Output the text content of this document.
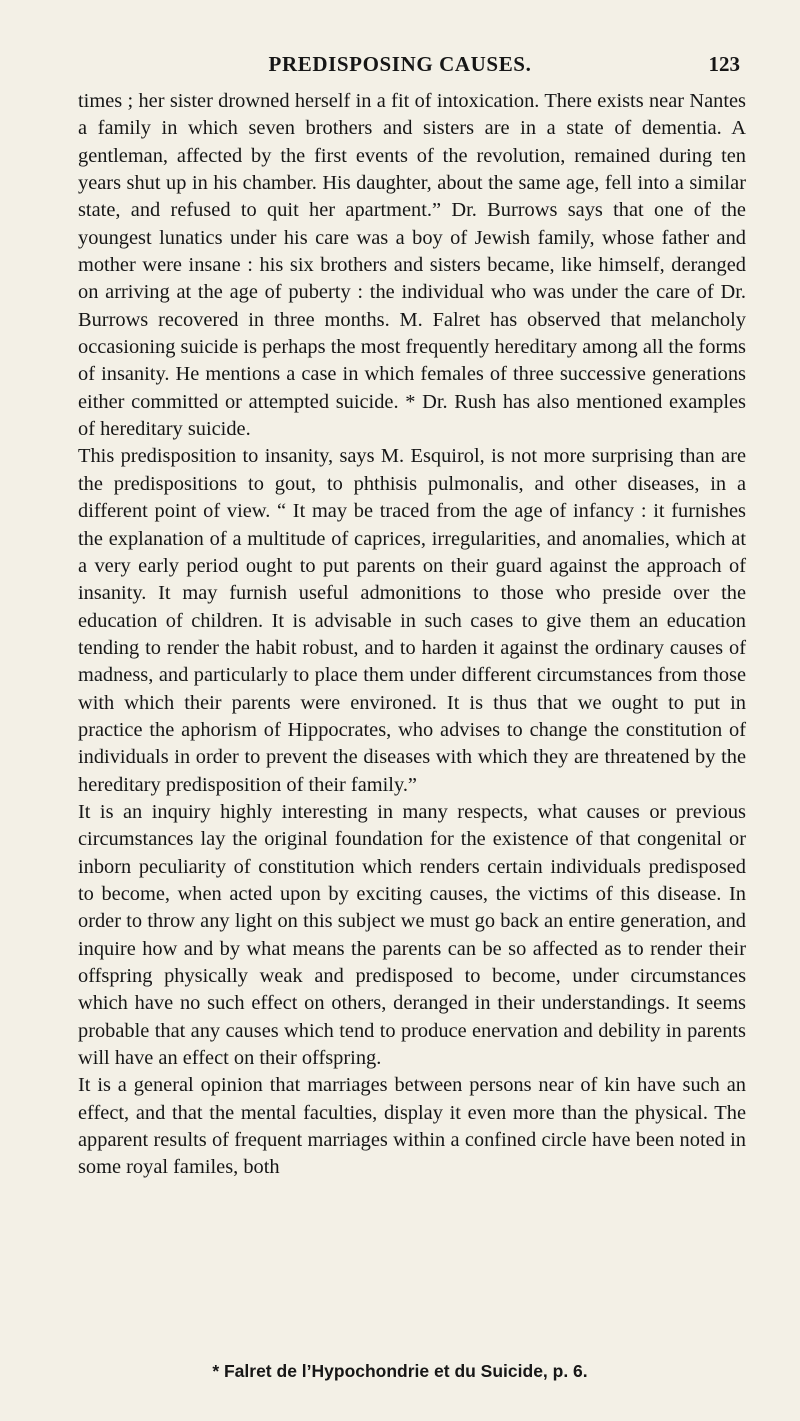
PREDISPOSING CAUSES.	123

times ; her sister drowned herself in a fit of intoxication. There exists near Nantes a family in which seven brothers and sisters are in a state of dementia. A gentleman, affected by the first events of the revolution, remained during ten years shut up in his chamber. His daughter, about the same age, fell into a similar state, and refused to quit her apartment.” Dr. Burrows says that one of the youngest lunatics under his care was a boy of Jewish family, whose father and mother were insane : his six brothers and sisters became, like himself, deranged on arriving at the age of puberty : the individual who was under the care of Dr. Burrows recovered in three months. M. Falret has observed that melancholy occasioning suicide is perhaps the most frequently hereditary among all the forms of insanity. He mentions a case in which females of three successive generations either committed or attempted suicide. * Dr. Rush has also mentioned examples of hereditary suicide.

This predisposition to insanity, says M. Esquirol, is not more surprising than are the predispositions to gout, to phthisis pulmonalis, and other diseases, in a different point of view. “ It may be traced from the age of infancy : it furnishes the explanation of a multitude of caprices, irregularities, and anomalies, which at a very early period ought to put parents on their guard against the approach of insanity. It may furnish useful admonitions to those who preside over the education of children. It is advisable in such cases to give them an education tending to render the habit robust, and to harden it against the ordinary causes of madness, and particularly to place them under different circumstances from those with which their parents were environed. It is thus that we ought to put in practice the aphorism of Hippocrates, who advises to change the constitution of individuals in order to prevent the diseases with which they are threatened by the hereditary predisposition of their family.”

It is an inquiry highly interesting in many respects, what causes or previous circumstances lay the original foundation for the existence of that congenital or inborn peculiarity of constitution which renders certain individuals predisposed to become, when acted upon by exciting causes, the victims of this disease. In order to throw any light on this subject we must go back an entire generation, and inquire how and by what means the parents can be so affected as to render their offspring physically weak and predisposed to become, under circumstances which have no such effect on others, deranged in their understandings. It seems probable that any causes which tend to produce enervation and debility in parents will have an effect on their offspring.

It is a general opinion that marriages between persons near of kin have such an effect, and that the mental faculties, display it even more than the physical. The apparent results of frequent marriages within a confined circle have been noted in some royal familes, both

* Falret de l’Hypochondrie et du Suicide, p. 6.
